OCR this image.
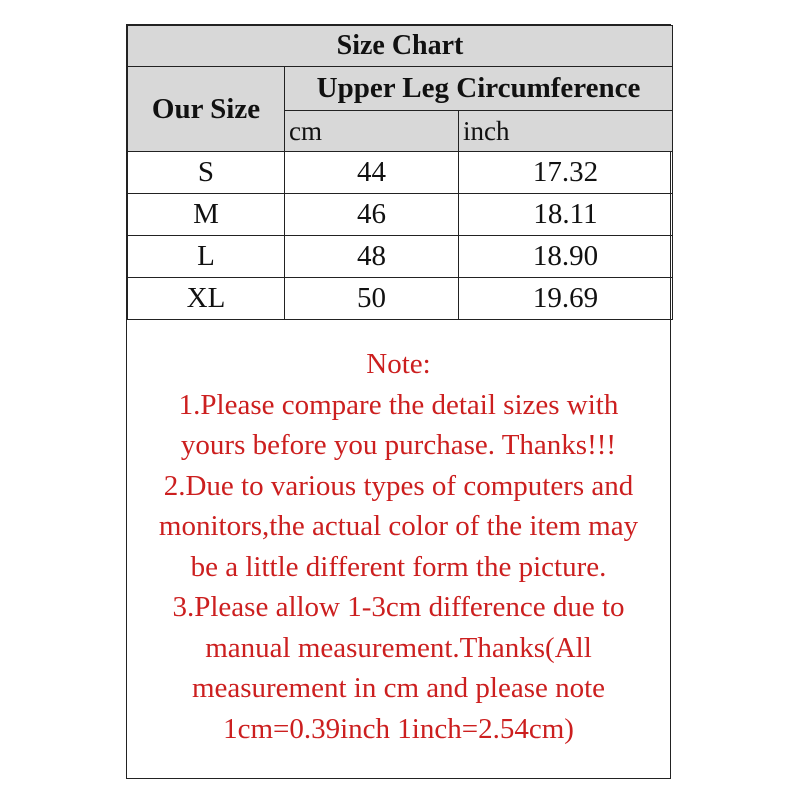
Size Chart		
Our Size	Upper Leg Circumference	
	cm	inch
S	44	17.32
M	46	18.11
L	48	18.90
XL	50	19.69
Note:
1.Please compare the detail sizes with
yours before you purchase. Thanks!!!
2.Due to various types of computers and
monitors,the actual color of the item may
be a little different form the picture.
3.Please allow 1-3cm difference due to
manual measurement.Thanks(All
measurement in cm and please note
1cm=0.39inch 1inch=2.54cm)
